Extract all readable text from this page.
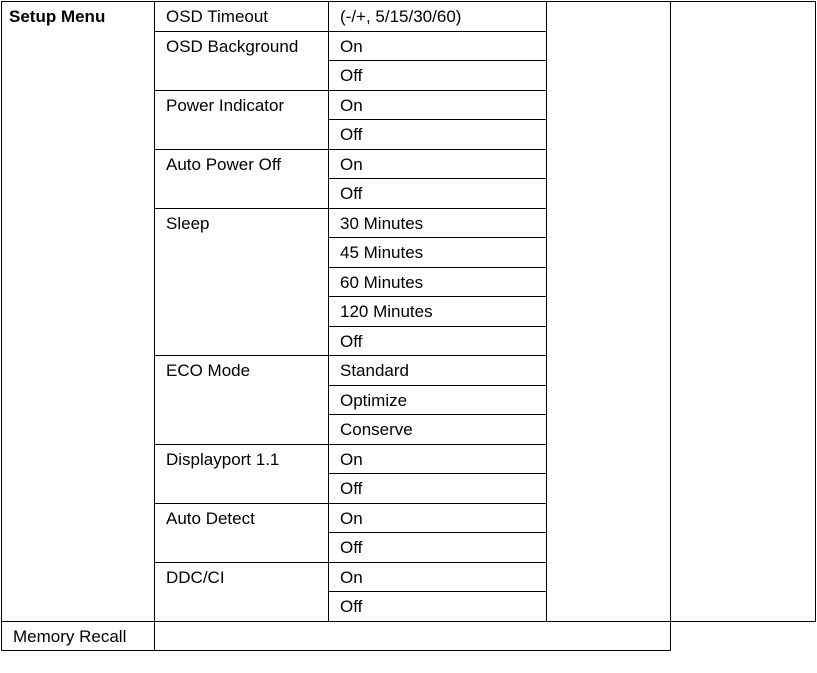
Setup Menu	OSD Timeout	(-/+, 5/15/30/60)		
	OSD Background	On		
		Off		
	Power Indicator	On		
		Off		
	Auto Power Off	On		
		Off		
	Sleep	30 Minutes		
		45 Minutes		
		60 Minutes		
		120 Minutes		
		Off		
	ECO Mode	Standard		
		Optimize		
		Conserve		
	Displayport 1.1	On		
		Off		
	Auto Detect	On		
		Off		
	DDC/CI	On		
		Off		
Memory Recall				
